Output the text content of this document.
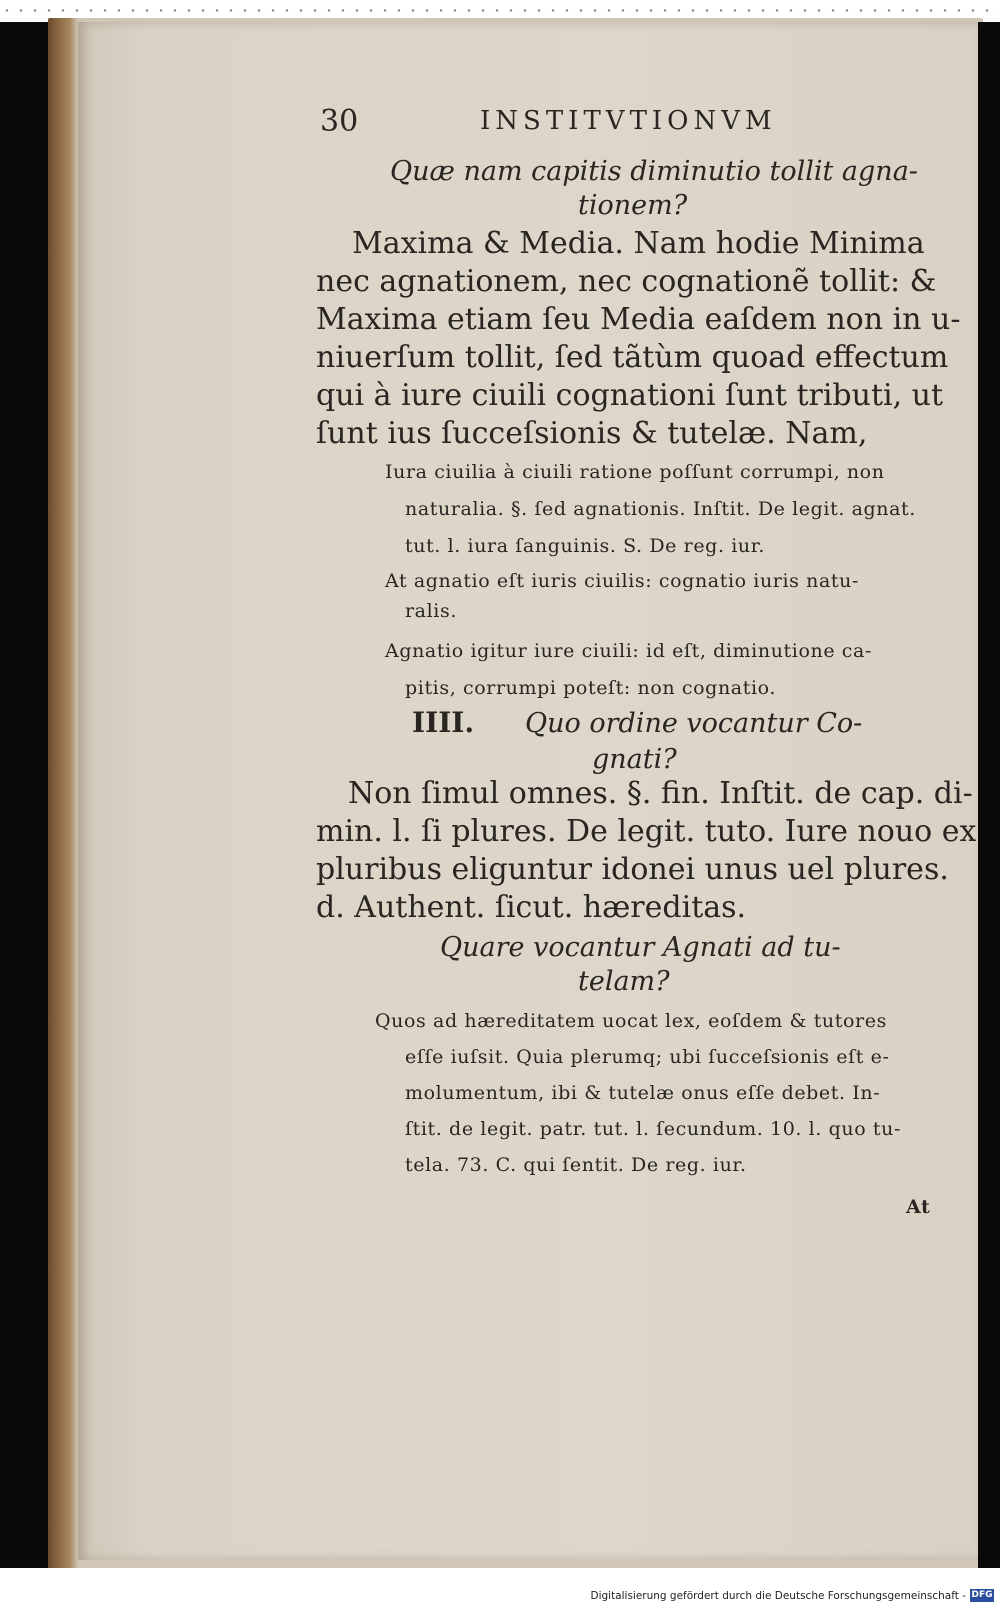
30	INSTITVTIONVM
Quæ nam capitis diminutio tollit agna-
tionem?
Maxima & Media. Nam hodie Minima
nec agnationem, nec cognationẽ tollit: &
Maxima etiam ſeu Media eaſdem non in u-
niuerſum tollit, ſed tãtùm quoad effectum
qui à iure ciuili cognationi ſunt tributi, ut
ſunt ius ſucceſsionis & tutelæ. Nam,
Iura ciuilia à ciuili ratione poſſunt corrumpi, non
naturalia. §. ſed agnationis. Inſtit. De legit. agnat.
tut. l. iura ſanguinis. S. De reg. iur.
At agnatio eſt iuris ciuilis: cognatio iuris natu-
ralis.
Agnatio igitur iure ciuili: id eſt, diminutione ca-
pitis, corrumpi poteſt: non cognatio.
IIII. Quo ordine vocantur Co-
gnati?
Non ſimul omnes. §. fin. Inſtit. de cap. di-
min. l. ſi plures. De legit. tuto. Iure nouo ex
pluribus eliguntur idonei unus uel plures.
d. Authent. ſicut. hæreditas.
Quare vocantur Agnati ad tu-
telam?
Quos ad hæreditatem uocat lex, eoſdem & tutores
eſſe iuſsit. Quia plerumq; ubi ſucceſsionis eſt e-
molumentum, ibi & tutelæ onus eſſe debet. In-
ſtit. de legit. patr. tut. l. ſecundum. 10. l. quo tu-
tela. 73. C. qui ſentit. De reg. iur.
At
Digitalisierung gefördert durch die Deutsche Forschungsgemeinschaft - DFG
